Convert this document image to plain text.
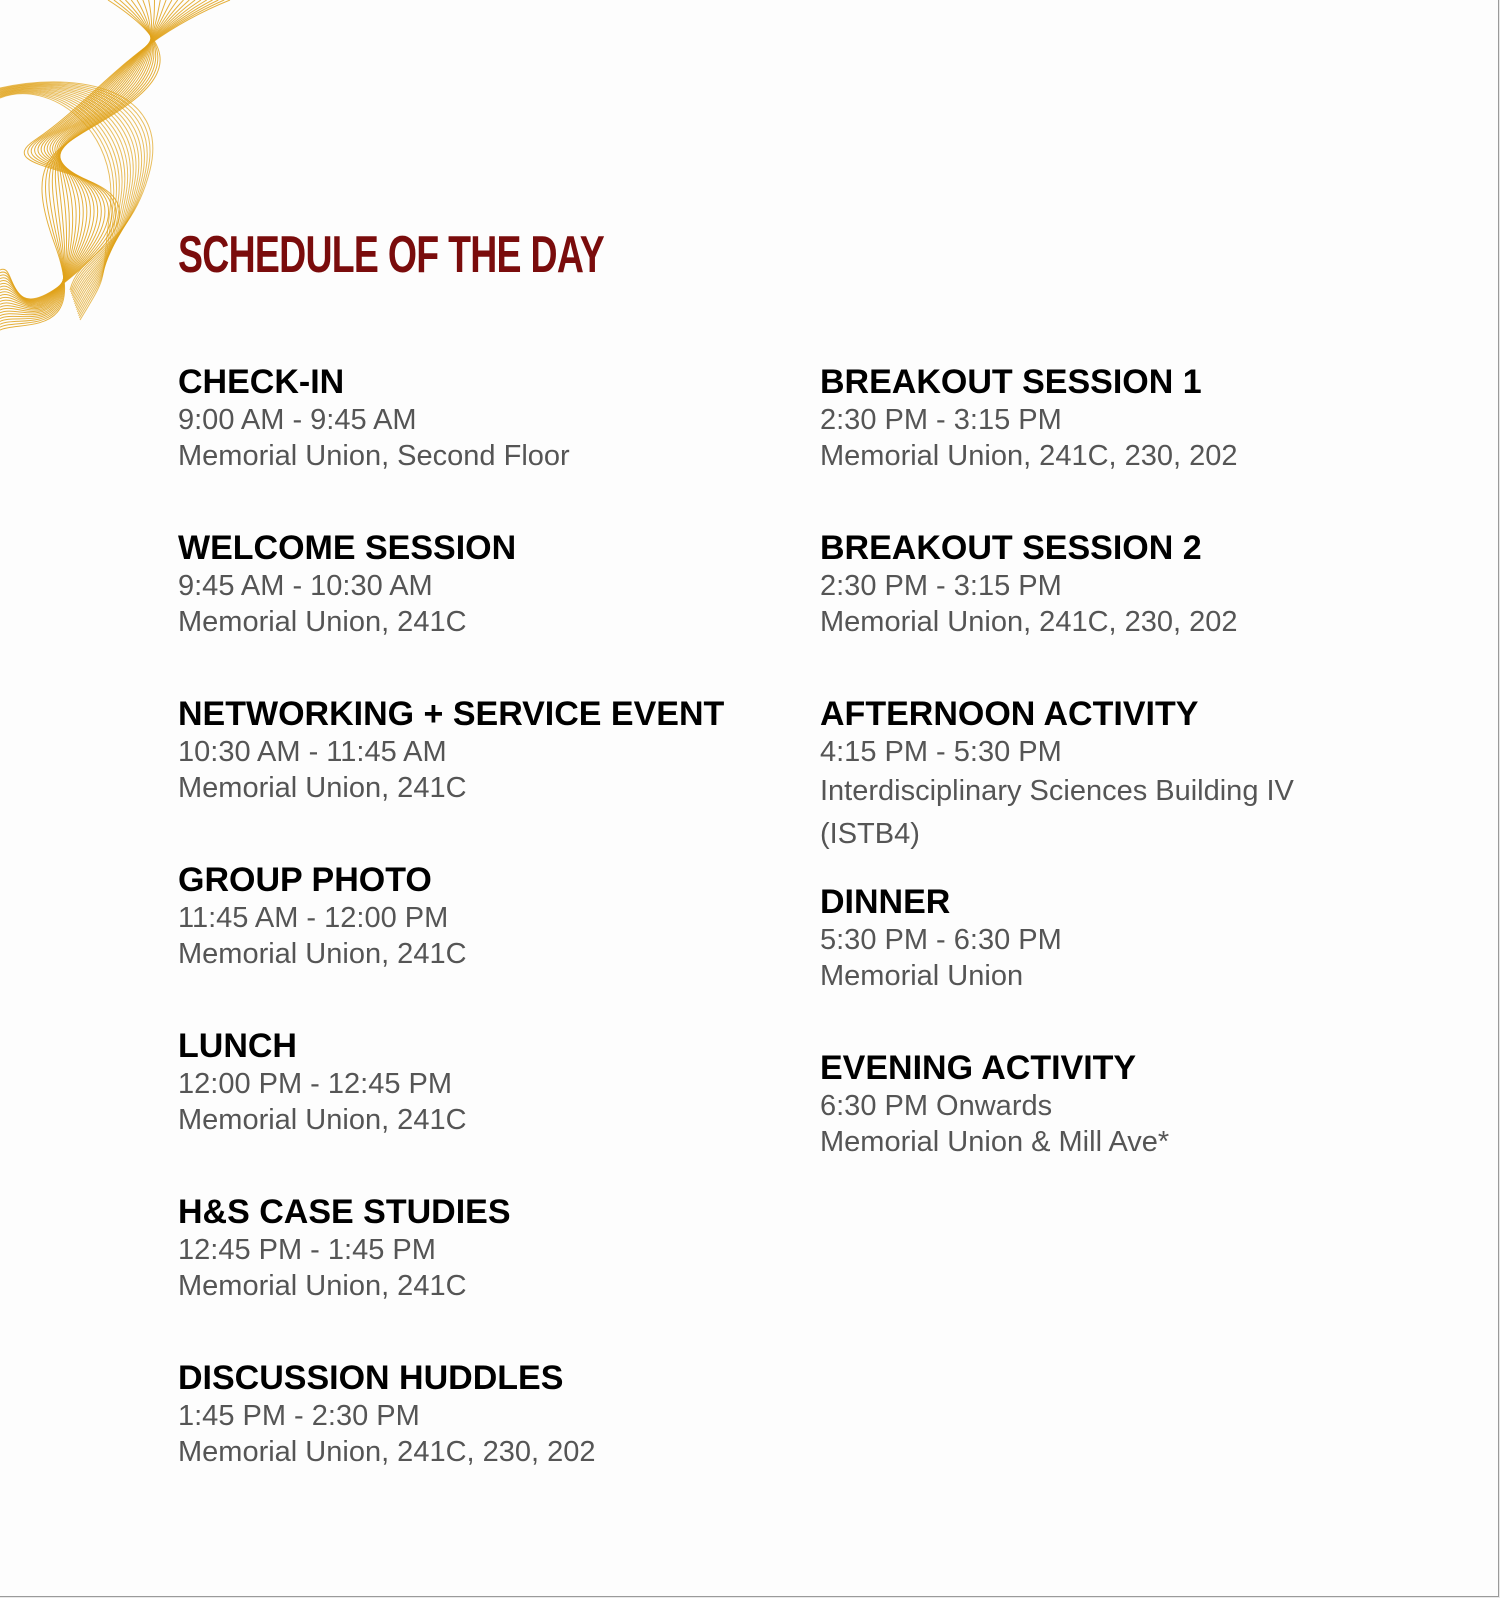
SCHEDULE OF THE DAY
CHECK-IN
9:00 AM - 9:45 AM
Memorial Union, Second Floor
WELCOME SESSION
9:45 AM - 10:30 AM
Memorial Union, 241C
NETWORKING + SERVICE EVENT
10:30 AM - 11:45 AM
Memorial Union, 241C
GROUP PHOTO
11:45 AM - 12:00 PM
Memorial Union, 241C
LUNCH
12:00 PM - 12:45 PM
Memorial Union, 241C
H&S CASE STUDIES
12:45 PM - 1:45 PM
Memorial Union, 241C
DISCUSSION HUDDLES
1:45 PM - 2:30 PM
Memorial Union, 241C, 230, 202
BREAKOUT SESSION 1
2:30 PM - 3:15 PM
Memorial Union, 241C, 230, 202
BREAKOUT SESSION 2
2:30 PM - 3:15 PM
Memorial Union, 241C, 230, 202
AFTERNOON ACTIVITY
4:15 PM - 5:30 PM
Interdisciplinary Sciences Building IV (ISTB4)
DINNER
5:30 PM - 6:30 PM
Memorial Union
EVENING ACTIVITY
6:30 PM Onwards
Memorial Union & Mill Ave*
